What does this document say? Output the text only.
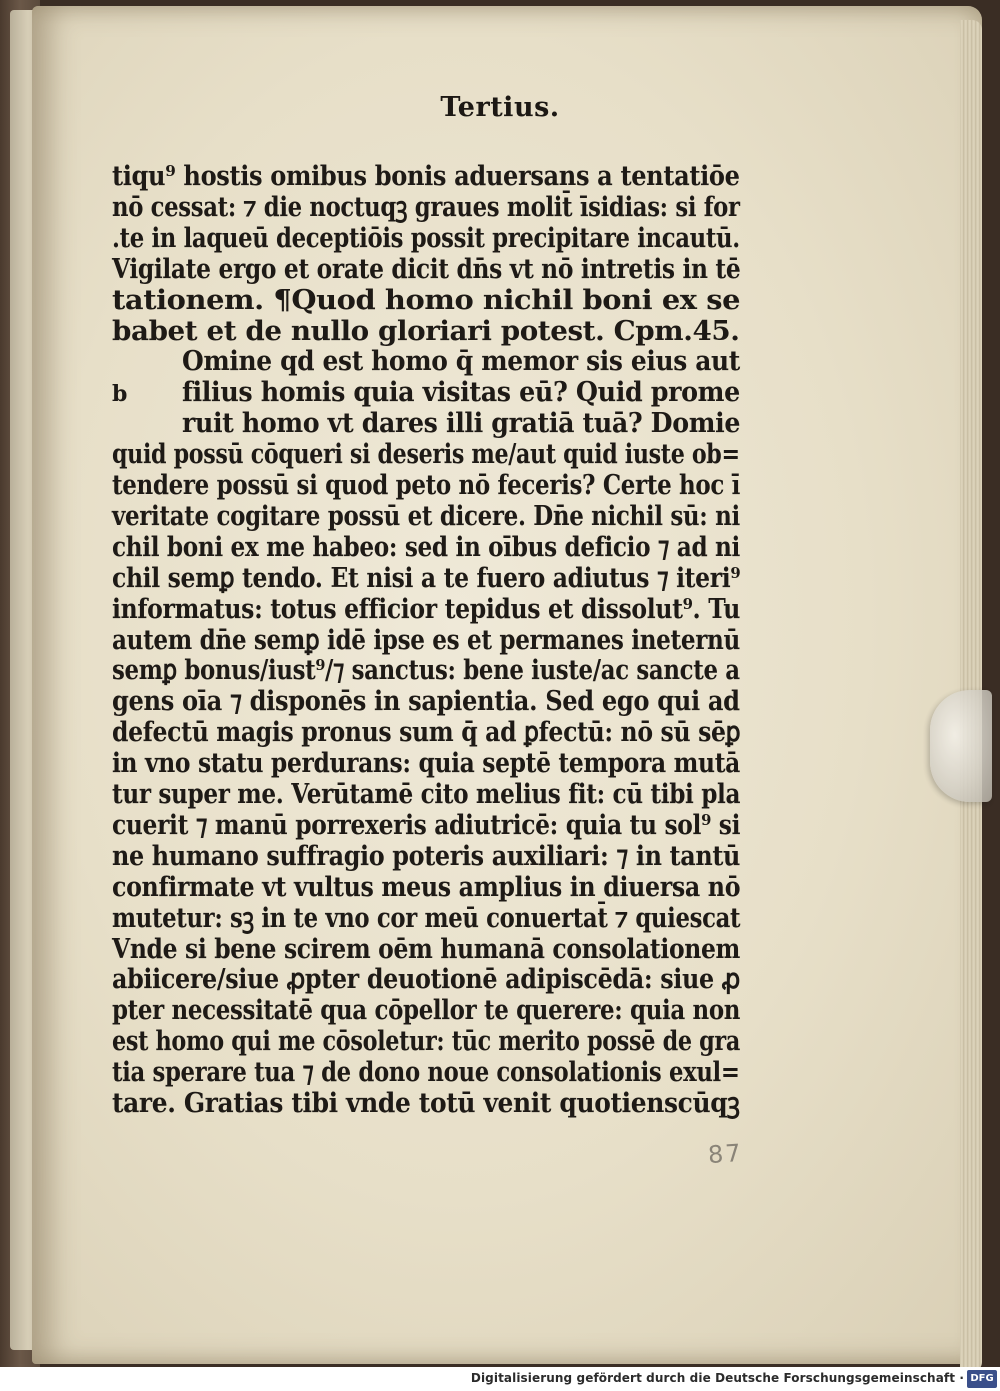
Tertius.
b
tiqu⁹ hostis omibus bonis aduersans a tentatiōe
nō cessat: ⁊ die noctuqꝫ graues molit̄ īsidias: si for
.te in laqueū deceptiōis possit precipitare incautū.
Vigilate ergo et orate dicit dn̄s vt nō intretis in tē
tationem. ¶Quod homo nichil boni ex se
babet et de nullo gloriari potest. Cpm.45.
Omine qd est homo q̄ memor sis eius aut
filius homis quia visitas eū? Quid prome
ruit homo vt dares illi gratiā tuā? Domie
quid possū cōqueri si deseris me/aut quid iuste ob=
tendere possū si quod peto nō feceris? Certe hoc ī
veritate cogitare possū et dicere. Dn̄e nichil sū: ni
chil boni ex me habeo: sed in oībus deficio ⁊ ad ni
chil semꝑ tendo. Et nisi a te fuero adiutus ⁊ iteri⁹
informatus: totus efficior tepidus et dissolut⁹. Tu
autem dn̄e semꝑ idē ipse es et permanes ineternū
semꝑ bonus/iust⁹/⁊ sanctus: bene iuste/ac sancte a
gens oīa ⁊ disponēs in sapientia. Sed ego qui ad
defectū magis pronus sum q̄ ad ꝑfectū: nō sū sēꝑ
in vno statu perdurans: quia septē tempora mutā
tur super me. Verūtamē cito melius fit: cū tibi pla
cuerit ⁊ manū porrexeris adiutricē: quia tu sol⁹ si
ne humano suffragio poteris auxiliari: ⁊ in tantū
confirmate vt vultus meus amplius in diuersa nō
mutetur: sꝫ in te vno cor meū conuertat̄ ⁊ quiescat
Vnde si bene scirem oēm humanā consolationem
abiicere/siue ꝓpter deuotionē adipiscēdā: siue ꝓ
pter necessitatē qua cōpellor te querere: quia non
est homo qui me cōsoletur: tūc merito possē de gra
tia sperare tua ⁊ de dono noue consolationis exul=
tare. Gratias tibi vnde totū venit quotienscūqꝫ
87
Digitalisierung gefördert durch die Deutsche Forschungsgemeinschaft · DFG
